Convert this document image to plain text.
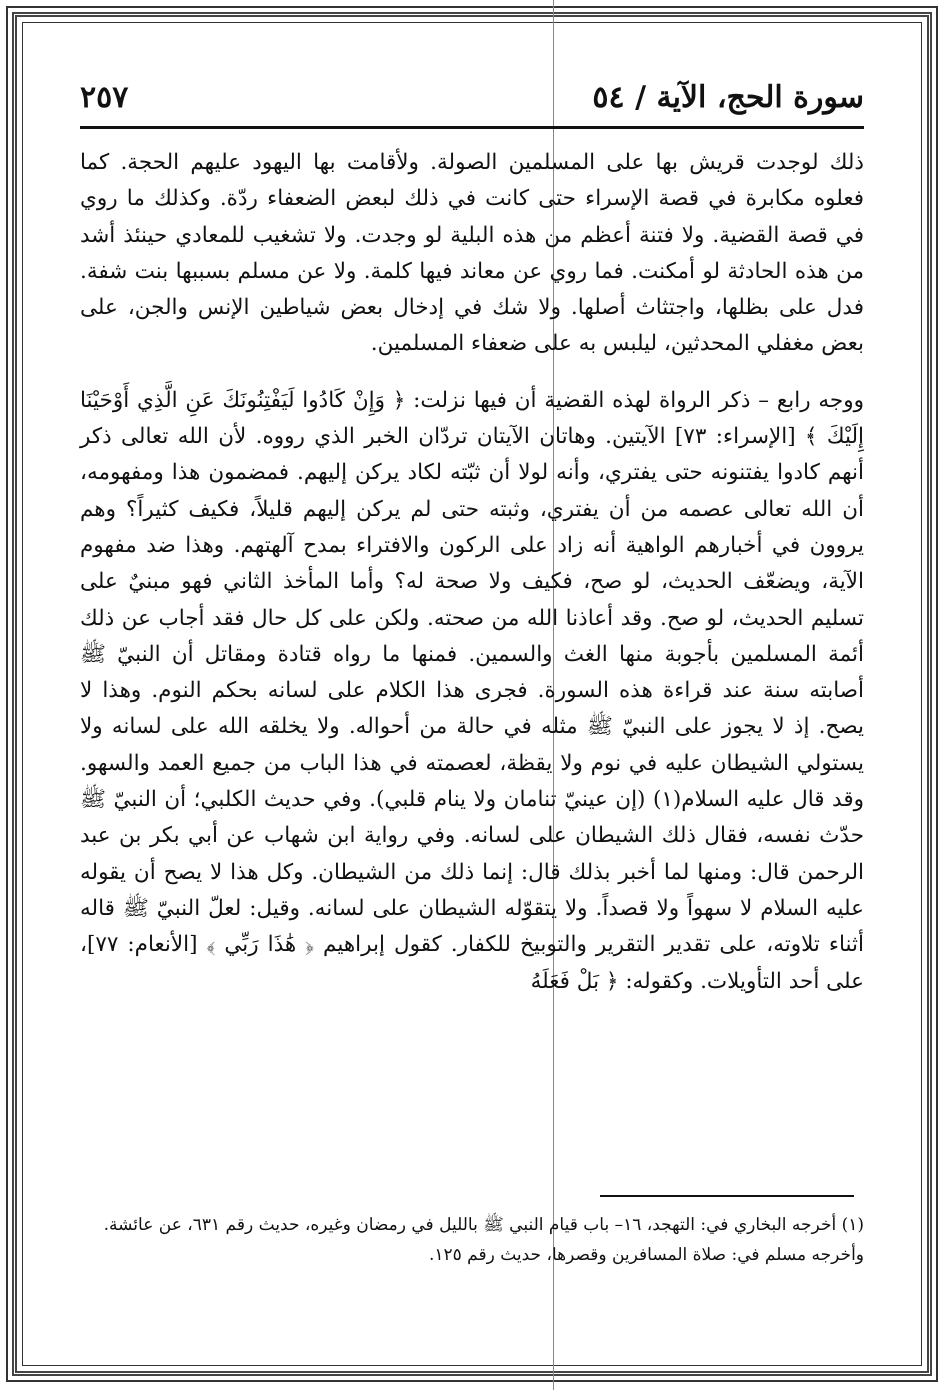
سورة الحج، الآية / ٥٤
٢٥٧

ذلك لوجدت قريش بها على المسلمين الصولة. ولأقامت بها اليهود عليهم الحجة. كما فعلوه مكابرة في قصة الإسراء حتى كانت في ذلك لبعض الضعفاء ردّة. وكذلك ما روي في قصة القضية. ولا فتنة أعظم من هذه البلية لو وجدت. ولا تشغيب للمعادي حينئذ أشد من هذه الحادثة لو أمكنت. فما روي عن معاند فيها كلمة. ولا عن مسلم بسببها بنت شفة. فدل على بظلها، واجتثاث أصلها. ولا شك في إدخال بعض شياطين الإنس والجن، على بعض مغفلي المحدثين، ليلبس به على ضعفاء المسلمين.

ووجه رابع – ذكر الرواة لهذه القضية أن فيها نزلت: ﴿ وَإِنْ كَادُوا لَيَفْتِنُونَكَ عَنِ الَّذِي أَوْحَيْنَا إِلَيْكَ ﴾ [الإسراء: ٧٣] الآيتين. وهاتان الآيتان تردّان الخبر الذي رووه. لأن الله تعالى ذكر أنهم كادوا يفتنونه حتى يفتري، وأنه لولا أن ثبّته لكاد يركن إليهم. فمضمون هذا ومفهومه، أن الله تعالى عصمه من أن يفتري، وثبته حتى لم يركن إليهم قليلاً، فكيف كثيراً؟ وهم يروون في أخبارهم الواهية أنه زاد على الركون والافتراء بمدح آلهتهم. وهذا ضد مفهوم الآية، ويضعّف الحديث، لو صح، فكيف ولا صحة له؟ وأما المأخذ الثاني فهو مبنيٌ على تسليم الحديث، لو صح. وقد أعاذنا الله من صحته. ولكن على كل حال فقد أجاب عن ذلك أئمة المسلمين بأجوبة منها الغث والسمين. فمنها ما رواه قتادة ومقاتل أن النبيّ ﷺ أصابته سنة عند قراءة هذه السورة. فجرى هذا الكلام على لسانه بحكم النوم. وهذا لا يصح. إذ لا يجوز على النبيّ ﷺ مثله في حالة من أحواله. ولا يخلقه الله على لسانه ولا يستولي الشيطان عليه في نوم ولا يقظة، لعصمته في هذا الباب من جميع العمد والسهو. وقد قال عليه السلام(١) (إن عينيّ تنامان ولا ينام قلبي). وفي حديث الكلبي؛ أن النبيّ ﷺ حدّث نفسه، فقال ذلك الشيطان على لسانه. وفي رواية ابن شهاب عن أبي بكر بن عبد الرحمن قال: ومنها لما أخبر بذلك قال: إنما ذلك من الشيطان. وكل هذا لا يصح أن يقوله عليه السلام لا سهواً ولا قصداً. ولا يتقوّله الشيطان على لسانه. وقيل: لعلّ النبيّ ﷺ قاله أثناء تلاوته، على تقدير التقرير والتوبيخ للكفار. كقول إبراهيم ﴿ هَٰذَا رَبِّي ﴾ [الأنعام: ٧٧]، على أحد التأويلات. وكقوله: ﴿ بَلْ فَعَلَهُ

(١) أخرجه البخاري في: التهجد، ١٦– باب قيام النبي ﷺ بالليل في رمضان وغيره، حديث رقم ٦٣١، عن عائشة.

وأخرجه مسلم في: صلاة المسافرين وقصرها، حديث رقم ١٢٥.
